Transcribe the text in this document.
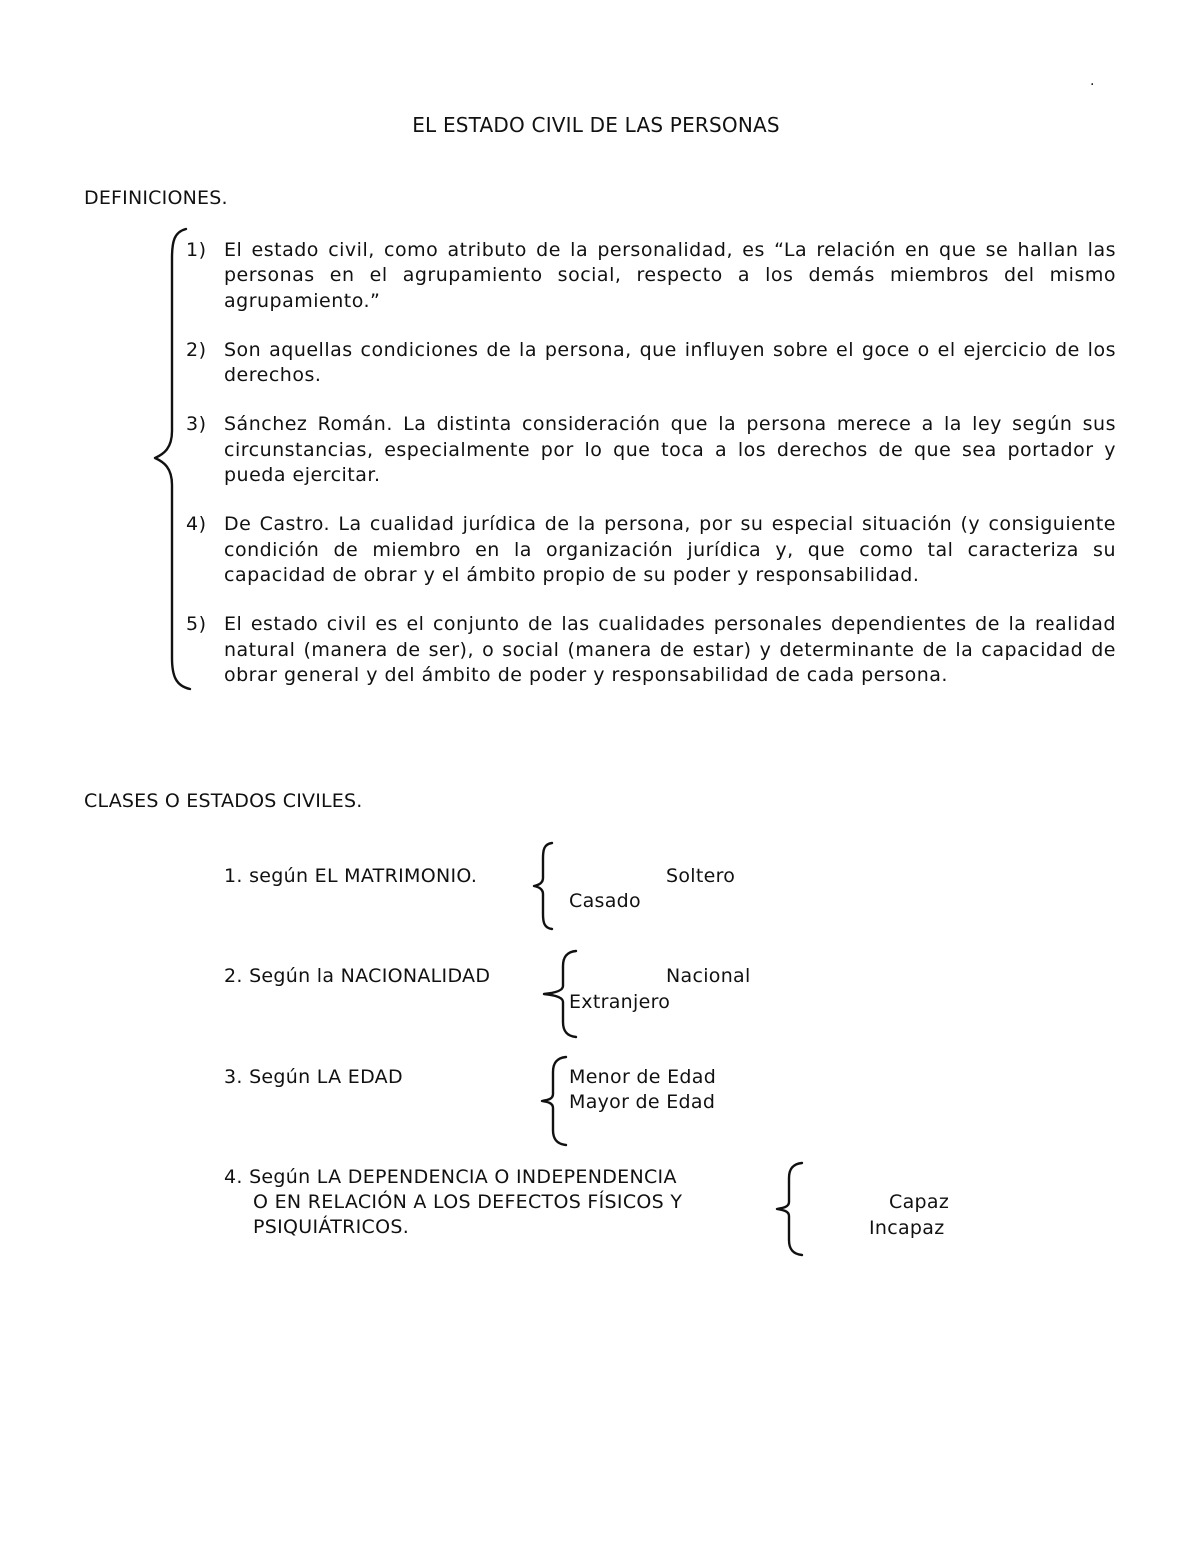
·
EL ESTADO CIVIL DE LAS PERSONAS
DEFINICIONES.
1) El estado civil, como atributo de la personalidad, es “La relación en que se hallan las personas en el agrupamiento social, respecto a los demás miembros del mismo agrupamiento.”
2) Son aquellas condiciones de la persona, que influyen sobre el goce o el ejercicio de los derechos.
3) Sánchez Román. La distinta consideración que la persona merece a la ley según sus circunstancias, especialmente por lo que toca a los derechos de que sea portador y pueda ejercitar.
4) De Castro. La cualidad jurídica de la persona, por su especial situación (y consiguiente condición de miembro en la organización jurídica y, que como tal caracteriza su capacidad de obrar y el ámbito propio de su poder y responsabilidad.
5) El estado civil es el conjunto de las cualidades personales dependientes de la realidad natural (manera de ser), o social (manera de estar) y determinante de la capacidad de obrar general y del ámbito de poder y responsabilidad de cada persona.
CLASES O ESTADOS CIVILES.
1. según EL MATRIMONIO.	Soltero
Casado
2. Según la NACIONALIDAD	Nacional
Extranjero
3. Según LA EDAD	Menor de Edad
Mayor de Edad
4. Según LA DEPENDENCIA O INDEPENDENCIA
O EN RELACIÓN A LOS DEFECTOS FÍSICOS Y
PSIQUIÁTRICOS.
Capaz
Incapaz
